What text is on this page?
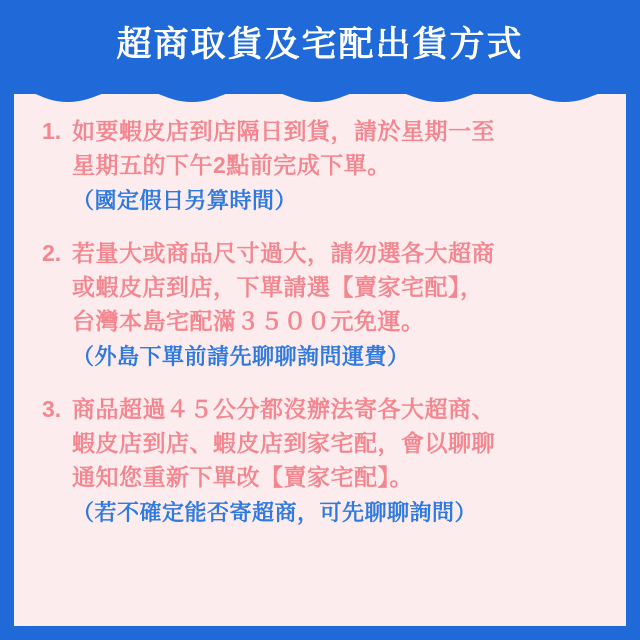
超商取貨及宅配出貨方式
1. 如要蝦皮店到店隔日到貨，請於星期一至
星期五的下午2點前完成下單。
（國定假日另算時間）
2. 若量大或商品尺寸過大，請勿選各大超商
或蝦皮店到店，下單請選【賣家宅配】，
台灣本島宅配滿３５００元免運。
（外島下單前請先聊聊詢問運費）
3. 商品超過４５公分都沒辦法寄各大超商、
蝦皮店到店、蝦皮店到家宅配，會以聊聊
通知您重新下單改【賣家宅配】。
（若不確定能否寄超商，可先聊聊詢問）
